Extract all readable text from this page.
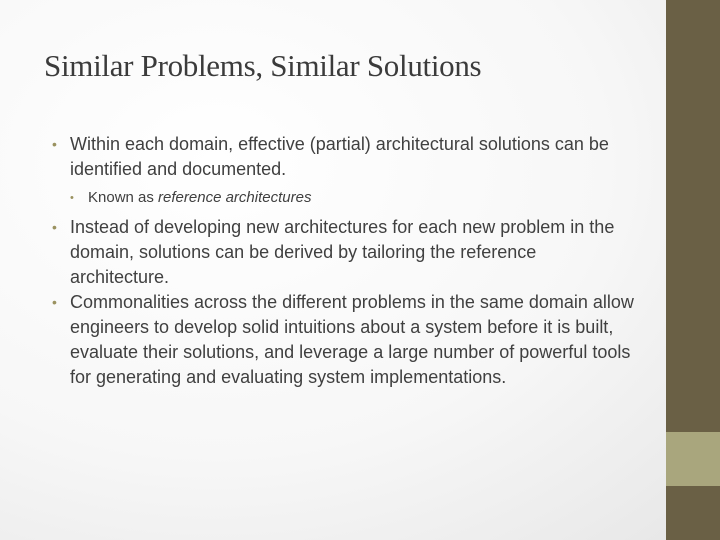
Similar Problems, Similar Solutions
• Within each domain, effective (partial) architectural solutions can be identified and documented.
• Known as reference architectures
• Instead of developing new architectures for each new problem in the domain, solutions can be derived by tailoring the reference architecture.
• Commonalities across the different problems in the same domain allow engineers to develop solid intuitions about a system before it is built, evaluate their solutions, and leverage a large number of powerful tools for generating and evaluating system implementations.
